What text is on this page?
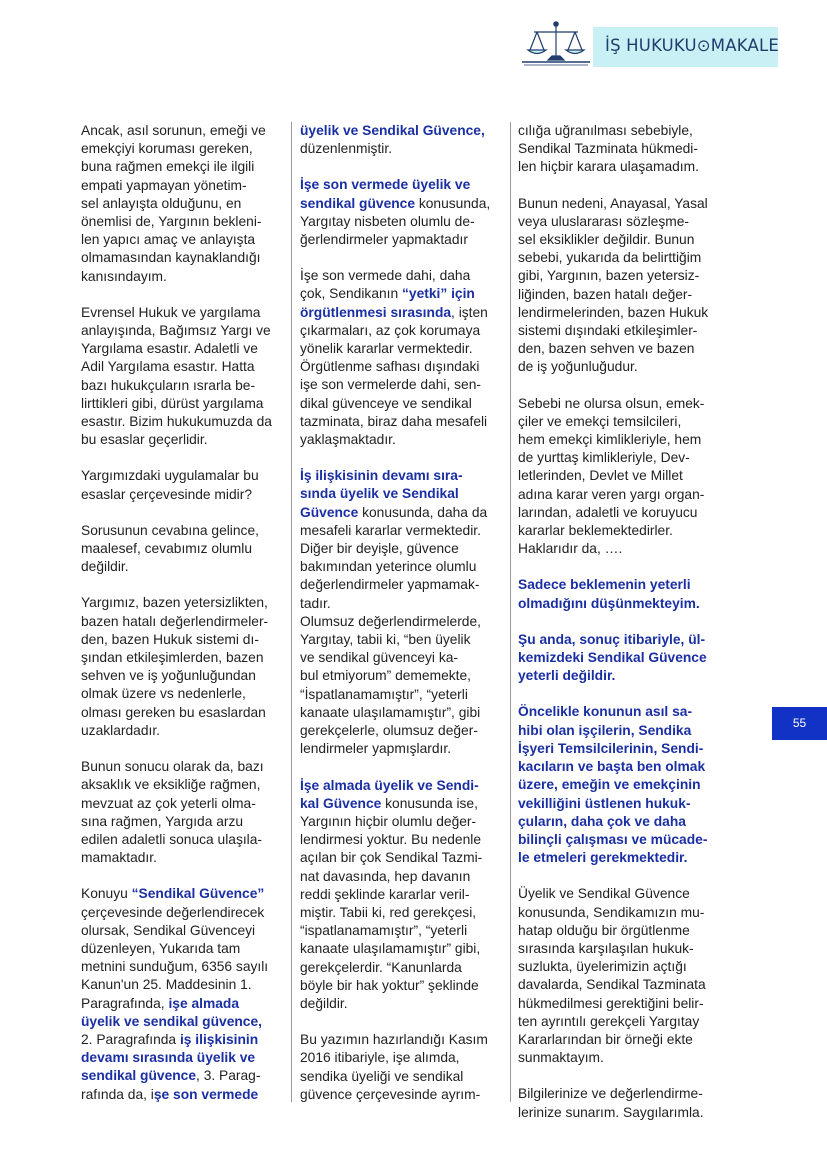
İŞ HUKUKU⊙MAKALE
Ancak, asıl sorunun, emeği ve
emekçiyi koruması gereken,
buna rağmen emekçi ile ilgili
empati yapmayan yönetim-
sel anlayışta olduğunu, en
önemlisi de, Yargının bekleni-
len yapıcı amaç ve anlayışta
olmamasından kaynaklandığı
kanısındayım.
Evrensel Hukuk ve yargılama
anlayışında, Bağımsız Yargı ve
Yargılama esastır. Adaletli ve
Adil Yargılama esastır. Hatta
bazı hukukçuların ısrarla be-
lirttikleri gibi, dürüst yargılama
esastır. Bizim hukukumuzda da
bu esaslar geçerlidir.
Yargımızdaki uygulamalar bu
esaslar çerçevesinde midir?
Sorusunun cevabına gelince,
maalesef, cevabımız olumlu
değildir.
Yargımız, bazen yetersizlikten,
bazen hatalı değerlendirmeler-
den, bazen Hukuk sistemi dı-
şından etkileşimlerden, bazen
sehven ve iş yoğunluğundan
olmak üzere vs nedenlerle,
olması gereken bu esaslardan
uzaklardadır.
Bunun sonucu olarak da, bazı
aksaklık ve eksikliğe rağmen,
mevzuat az çok yeterli olma-
sına rağmen, Yargıda arzu
edilen adaletli sonuca ulaşıla-
mamaktadır.
Konuyu “Sendikal Güvence”
çerçevesinde değerlendirecek
olursak, Sendikal Güvenceyi
düzenleyen, Yukarıda tam
metnini sunduğum, 6356 sayılı
Kanun'un 25. Maddesinin 1.
Paragrafında, işe almada
üyelik ve sendikal güvence,
2. Paragrafında iş ilişkisinin
devamı sırasında üyelik ve
sendikal güvence, 3. Parag-
rafında da, işe son vermede
üyelik ve Sendikal Güvence,
düzenlenmiştir.
İşe son vermede üyelik ve
sendikal güvence konusunda,
Yargıtay nisbeten olumlu de-
ğerlendirmeler yapmaktadır
İşe son vermede dahi, daha
çok, Sendikanın “yetki” için
örgütlenmesi sırasında, işten
çıkarmaları, az çok korumaya
yönelik kararlar vermektedir.
Örgütlenme safhası dışındaki
işe son vermelerde dahi, sen-
dikal güvenceye ve sendikal
tazminata, biraz daha mesafeli
yaklaşmaktadır.
İş ilişkisinin devamı sıra-
sında üyelik ve Sendikal
Güvence konusunda, daha da
mesafeli kararlar vermektedir.
Diğer bir deyişle, güvence
bakımından yeterince olumlu
değerlendirmeler yapmamak-
tadır.
Olumsuz değerlendirmelerde,
Yargıtay, tabii ki, “ben üyelik
ve sendikal güvenceyi ka-
bul etmiyorum” dememekte,
“İspatlanamamıştır”, “yeterli
kanaate ulaşılamamıştır”, gibi
gerekçelerle, olumsuz değer-
lendirmeler yapmışlardır.
İşe almada üyelik ve Sendi-
kal Güvence konusunda ise,
Yargının hiçbir olumlu değer-
lendirmesi yoktur. Bu nedenle
açılan bir çok Sendikal Tazmi-
nat davasında, hep davanın
reddi şeklinde kararlar veril-
miştir. Tabii ki, red gerekçesi,
“ispatlanamamıştır”, “yeterli
kanaate ulaşılamamıştır” gibi,
gerekçelerdir. “Kanunlarda
böyle bir hak yoktur” şeklinde
değildir.
Bu yazımın hazırlandığı Kasım
2016 itibariyle, işe alımda,
sendika üyeliği ve sendikal
güvence çerçevesinde ayrım-
cılığa uğranılması sebebiyle,
Sendikal Tazminata hükmedi-
len hiçbir karara ulaşamadım.
Bunun nedeni, Anayasal, Yasal
veya uluslararası sözleşme-
sel eksiklikler değildir. Bunun
sebebi, yukarıda da belirttiğim
gibi, Yargının, bazen yetersiz-
liğinden, bazen hatalı değer-
lendirmelerinden, bazen Hukuk
sistemi dışındaki etkileşimler-
den, bazen sehven ve bazen
de iş yoğunluğudur.
Sebebi ne olursa olsun, emek-
çiler ve emekçi temsilcileri,
hem emekçi kimlikleriyle, hem
de yurttaş kimlikleriyle, Dev-
letlerinden, Devlet ve Millet
adına karar veren yargı organ-
larından, adaletli ve koruyucu
kararlar beklemektedirler.
Haklarıdır da, ….
Sadece beklemenin yeterli
olmadığını düşünmekteyim.
Şu anda, sonuç itibariyle, ül-
kemizdeki Sendikal Güvence
yeterli değildir.
Öncelikle konunun asıl sa-
hibi olan işçilerin, Sendika
İşyeri Temsilcilerinin, Sendi-
kacıların ve başta ben olmak
üzere, emeğin ve emekçinin
vekilliğini üstlenen hukuk-
çuların, daha çok ve daha
bilinçli çalışması ve mücade-
le etmeleri gerekmektedir.
Üyelik ve Sendikal Güvence
konusunda, Sendikamızın mu-
hatap olduğu bir örgütlenme
sırasında karşılaşılan hukuk-
suzlukta, üyelerimizin açtığı
davalarda, Sendikal Tazminata
hükmedilmesi gerektiğini belir-
ten ayrıntılı gerekçeli Yargıtay
Kararlarından bir örneği ekte
sunmaktayım.
Bilgilerinize ve değerlendirme-
lerinize sunarım. Saygılarımla.
55
